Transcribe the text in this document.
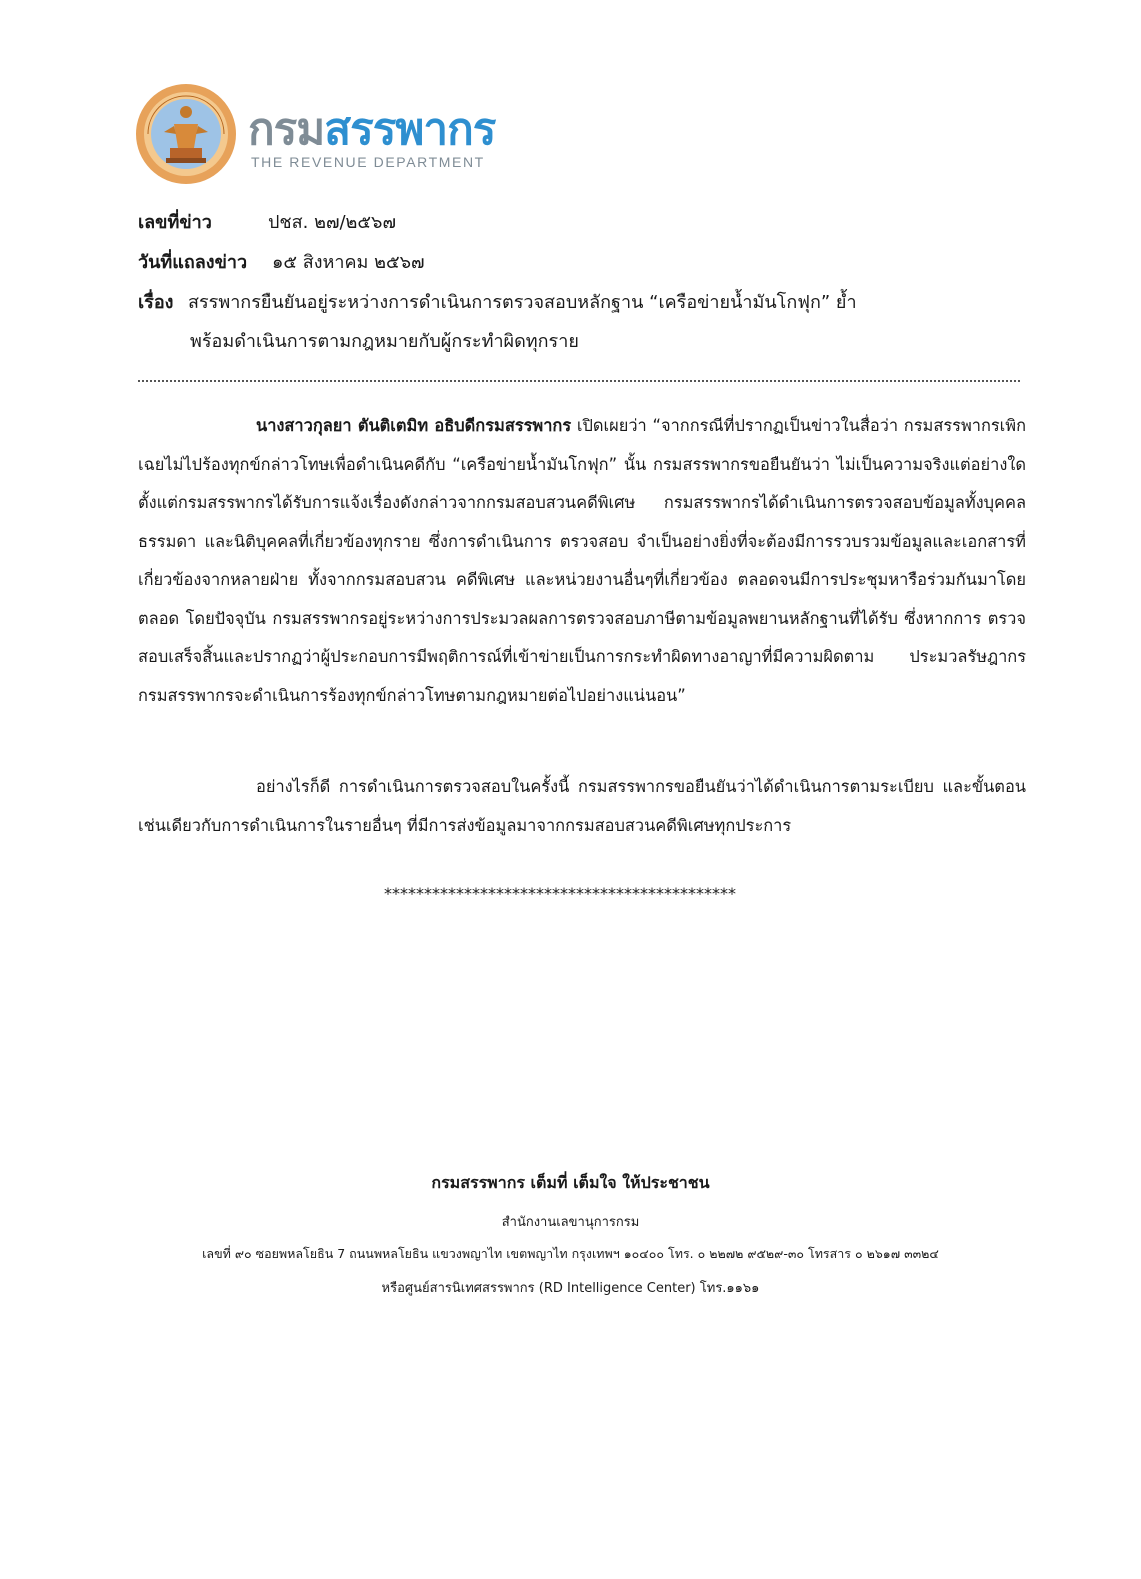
กรมสรรพากร
THE REVENUE DEPARTMENT
เลขที่ข่าว	ปชส. ๒๗/๒๕๖๗
วันที่แถลงข่าว ๑๕ สิงหาคม ๒๕๖๗
เรื่อง สรรพากรยืนยันอยู่ระหว่างการดำเนินการตรวจสอบหลักฐาน “เครือข่ายน้ำมันโกฟุก” ย้ำ
พร้อมดำเนินการตามกฎหมายกับผู้กระทำผิดทุกราย
นางสาวกุลยา ตันติเตมิท อธิบดีกรมสรรพากร เปิดเผยว่า “จากกรณีที่ปรากฏเป็นข่าวในสื่อว่า กรมสรรพากรเพิกเฉยไม่ไปร้องทุกข์กล่าวโทษเพื่อดำเนินคดีกับ “เครือข่ายน้ำมันโกฟุก” นั้น กรมสรรพากรขอยืนยันว่า ไม่เป็นความจริงแต่อย่างใด ตั้งแต่กรมสรรพากรได้รับการแจ้งเรื่องดังกล่าวจากกรมสอบสวนคดีพิเศษ กรมสรรพากรได้ดำเนินการตรวจสอบข้อมูลทั้งบุคคลธรรมดา และนิติบุคคลที่เกี่ยวข้องทุกราย ซึ่งการดำเนินการ ตรวจสอบ จำเป็นอย่างยิ่งที่จะต้องมีการรวบรวมข้อมูลและเอกสารที่เกี่ยวข้องจากหลายฝ่าย ทั้งจากกรมสอบสวน คดีพิเศษ และหน่วยงานอื่นๆที่เกี่ยวข้อง ตลอดจนมีการประชุมหารือร่วมกันมาโดยตลอด โดยปัจจุบัน กรมสรรพากรอยู่ระหว่างการประมวลผลการตรวจสอบภาษีตามข้อมูลพยานหลักฐานที่ได้รับ ซึ่งหากการ ตรวจสอบเสร็จสิ้นและปรากฏว่าผู้ประกอบการมีพฤติการณ์ที่เข้าข่ายเป็นการกระทำผิดทางอาญาที่มีความผิดตาม ประมวลรัษฎากร กรมสรรพากรจะดำเนินการร้องทุกข์กล่าวโทษตามกฎหมายต่อไปอย่างแน่นอน”
อย่างไรก็ดี การดำเนินการตรวจสอบในครั้งนี้ กรมสรรพากรขอยืนยันว่าได้ดำเนินการตามระเบียบ และขั้นตอนเช่นเดียวกับการดำเนินการในรายอื่นๆ ที่มีการส่งข้อมูลมาจากกรมสอบสวนคดีพิเศษทุกประการ
********************************************
กรมสรรพากร เต็มที่ เต็มใจ ให้ประชาชน
สำนักงานเลขานุการกรม
เลขที่ ๙๐ ซอยพหลโยธิน 7 ถนนพหลโยธิน แขวงพญาไท เขตพญาไท กรุงเทพฯ ๑๐๔๐๐ โทร. ๐ ๒๒๗๒ ๙๕๒๙-๓๐ โทรสาร ๐ ๒๖๑๗ ๓๓๒๔
หรือศูนย์สารนิเทศสรรพากร (RD Intelligence Center) โทร.๑๑๖๑
